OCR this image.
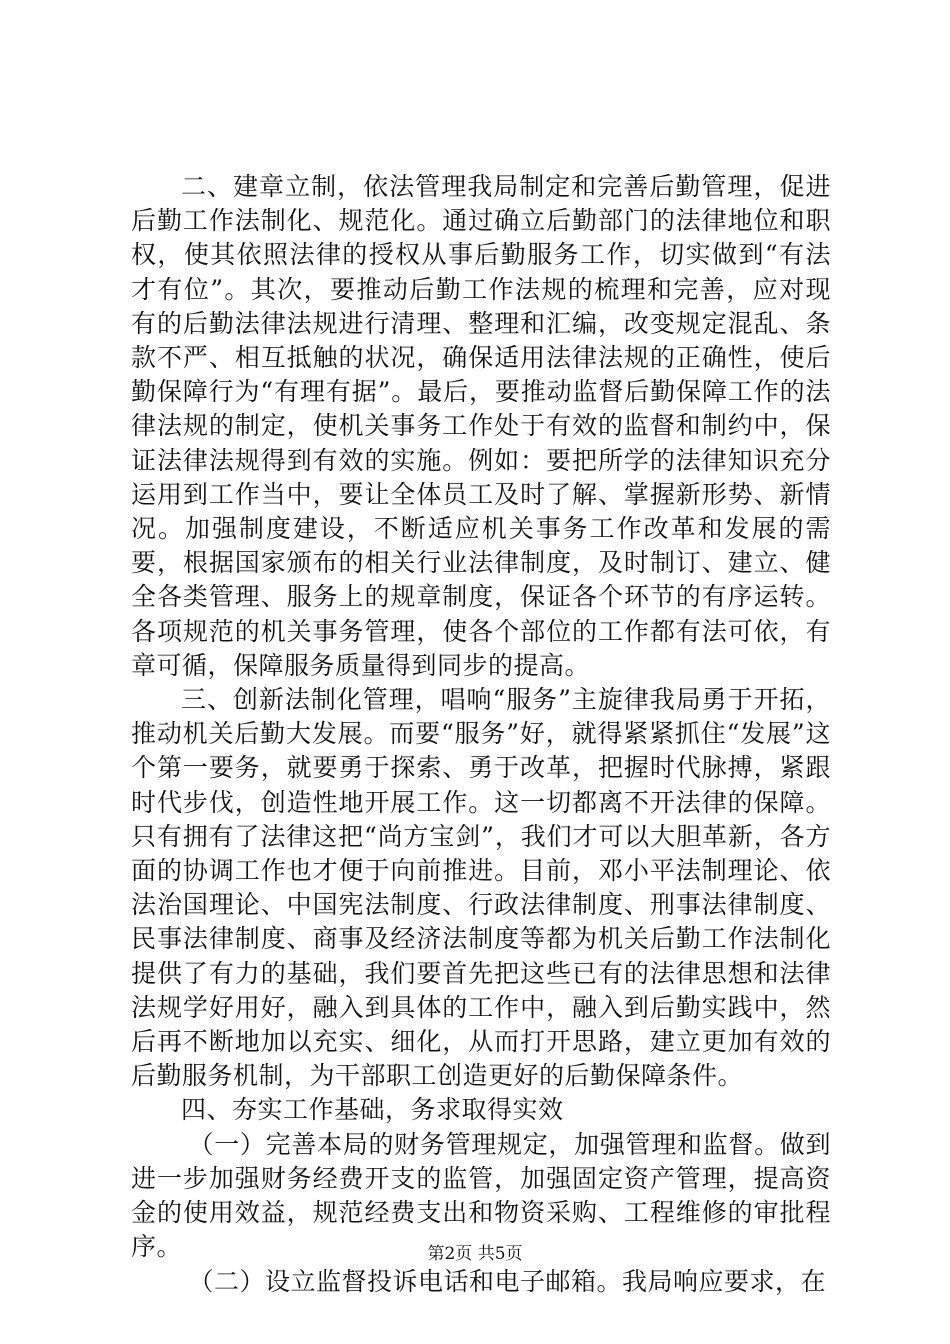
二、建章立制，依法管理我局制定和完善后勤管理，促进后勤工作法制化、规范化。通过确立后勤部门的法律地位和职权，使其依照法律的授权从事后勤服务工作，切实做到“有法才有位”。其次，要推动后勤工作法规的梳理和完善，应对现有的后勤法律法规进行清理、整理和汇编，改变规定混乱、条款不严、相互抵触的状况，确保适用法律法规的正确性，使后勤保障行为“有理有据”。最后，要推动监督后勤保障工作的法律法规的制定，使机关事务工作处于有效的监督和制约中，保证法律法规得到有效的实施。例如：要把所学的法律知识充分运用到工作当中，要让全体员工及时了解、掌握新形势、新情况。加强制度建设，不断适应机关事务工作改革和发展的需要，根据国家颁布的相关行业法律制度，及时制订、建立、健全各类管理、服务上的规章制度，保证各个环节的有序运转。各项规范的机关事务管理，使各个部位的工作都有法可依，有章可循，保障服务质量得到同步的提高。

三、创新法制化管理，唱响“服务”主旋律我局勇于开拓，推动机关后勤大发展。而要“服务”好，就得紧紧抓住“发展”这个第一要务，就要勇于探索、勇于改革，把握时代脉搏，紧跟时代步伐，创造性地开展工作。这一切都离不开法律的保障。只有拥有了法律这把“尚方宝剑”，我们才可以大胆革新，各方面的协调工作也才便于向前推进。目前，邓小平法制理论、依法治国理论、中国宪法制度、行政法律制度、刑事法律制度、民事法律制度、商事及经济法制度等都为机关后勤工作法制化提供了有力的基础，我们要首先把这些已有的法律思想和法律法规学好用好，融入到具体的工作中，融入到后勤实践中，然后再不断地加以充实、细化，从而打开思路，建立更加有效的后勤服务机制，为干部职工创造更好的后勤保障条件。

四、夯实工作基础，务求取得实效

（一）完善本局的财务管理规定，加强管理和监督。做到进一步加强财务经费开支的监管，加强固定资产管理，提高资金的使用效益，规范经费支出和物资采购、工程维修的审批程序。

（二）设立监督投诉电话和电子邮箱。我局响应要求，在

第2页 共5页
